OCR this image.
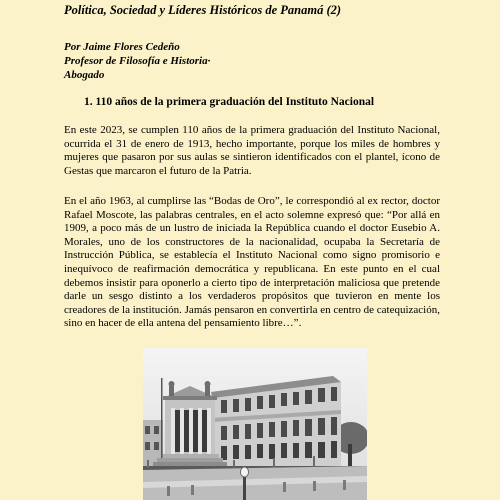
Política, Sociedad y Líderes Históricos de Panamá (2)
Por Jaime Flores Cedeño
Profesor de Filosofía e Historia·
Abogado
1. 110 años de la primera graduación del Instituto Nacional

En este 2023, se cumplen 110 años de la primera graduación del Instituto Nacional, ocurrida el 31 de enero de 1913, hecho importante, porque los miles de hombres y mujeres que pasaron por sus aulas se sintieron identificados con el plantel, ícono de Gestas que marcaron el futuro de la Patria.

En el año 1963, al cumplirse las “Bodas de Oro”, le correspondió al ex rector, doctor Rafael Moscote, las palabras centrales, en el acto solemne expresó que: “Por allá en 1909, a poco más de un lustro de iniciada la República cuando el doctor Eusebio A. Morales, uno de los constructores de la nacionalidad, ocupaba la Secretaría de Instrucción Pública, se establecía el Instituto Nacional como signo promisorio e inequívoco de reafirmación democrática y republicana. En este punto en el cual debemos insistir para oponerlo a cierto tipo de interpretación maliciosa que pretende darle un sesgo distinto a los verdaderos propósitos que tuvieron en mente los creadores de la institución. Jamás pensaron en convertirla en centro de catequización, sino en hacer de ella antena del pensamiento libre…”.
